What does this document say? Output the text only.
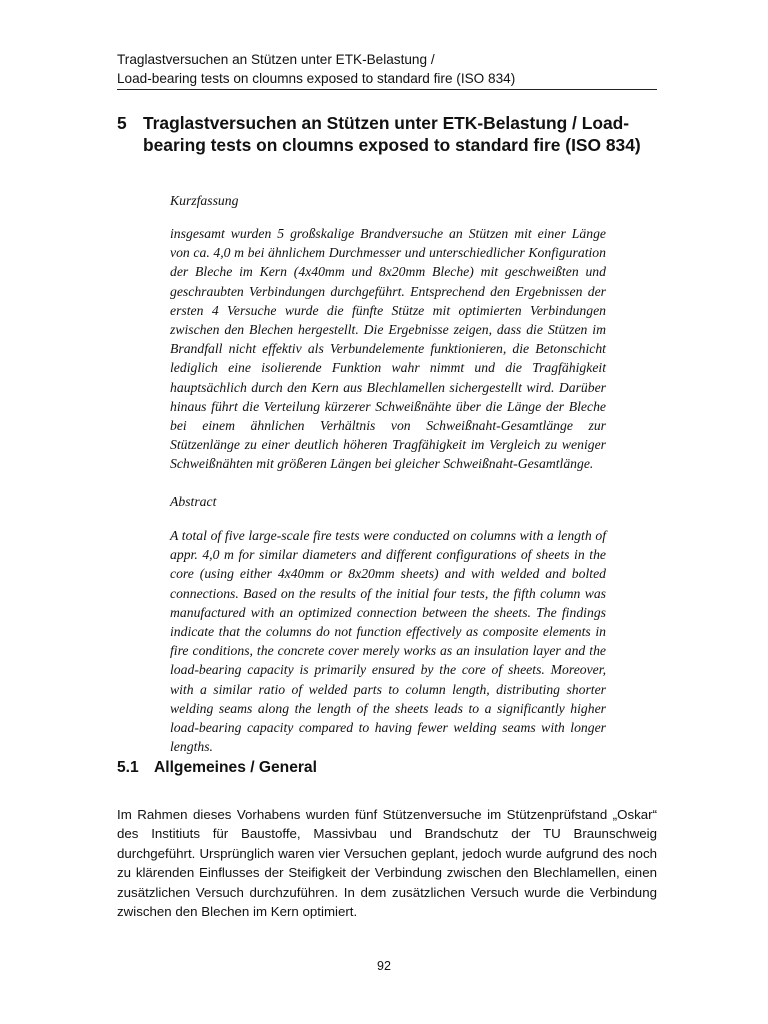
Traglastversuchen an Stützen unter ETK-Belastung /
Load-bearing tests on cloumns exposed to standard fire (ISO 834)
5 Traglastversuchen an Stützen unter ETK-Belastung / Load-bearing tests on cloumns exposed to standard fire (ISO 834)
Kurzfassung

insgesamt wurden 5 großskalige Brandversuche an Stützen mit einer Länge von ca. 4,0 m bei ähnlichem Durchmesser und unterschiedlicher Konfiguration der Bleche im Kern (4x40mm und 8x20mm Bleche) mit geschweißten und geschraubten Verbindungen durchgeführt. Entsprechend den Ergebnissen der ersten 4 Versuche wurde die fünfte Stütze mit optimierten Verbindungen zwischen den Blechen hergestellt. Die Ergebnisse zeigen, dass die Stützen im Brandfall nicht effektiv als Verbundelemente funktionieren, die Betonschicht lediglich eine isolierende Funktion wahr nimmt und die Tragfähigkeit hauptsächlich durch den Kern aus Blechlamellen sichergestellt wird. Darüber hinaus führt die Verteilung kürzerer Schweißnähte über die Länge der Bleche bei einem ähnlichen Verhältnis von Schweißnaht-Gesamtlänge zur Stützenlänge zu einer deutlich höheren Tragfähigkeit im Vergleich zu weniger Schweißnähten mit größeren Längen bei gleicher Schweißnaht-Gesamtlänge.

Abstract

A total of five large-scale fire tests were conducted on columns with a length of appr. 4,0 m for similar diameters and different configurations of sheets in the core (using either 4x40mm or 8x20mm sheets) and with welded and bolted connections. Based on the results of the initial four tests, the fifth column was manufactured with an optimized connection between the sheets. The findings indicate that the columns do not function effectively as composite elements in fire conditions, the concrete cover merely works as an insulation layer and the load-bearing capacity is primarily ensured by the core of sheets. Moreover, with a similar ratio of welded parts to column length, distributing shorter welding seams along the length of the sheets leads to a significantly higher load-bearing capacity compared to having fewer welding seams with longer lengths.

5.1 Allgemeines / General

Im Rahmen dieses Vorhabens wurden fünf Stützenversuche im Stützenprüfstand „Oskar“ des Institiuts für Baustoffe, Massivbau und Brandschutz der TU Braunschweig durchgeführt. Ursprünglich waren vier Versuchen geplant, jedoch wurde aufgrund des noch zu klärenden Einflusses der Steifigkeit der Verbindung zwischen den Blechlamellen, einen zusätzlichen Versuch durchzuführen. In dem zusätzlichen Versuch wurde die Verbindung zwischen den Blechen im Kern optimiert.

92
